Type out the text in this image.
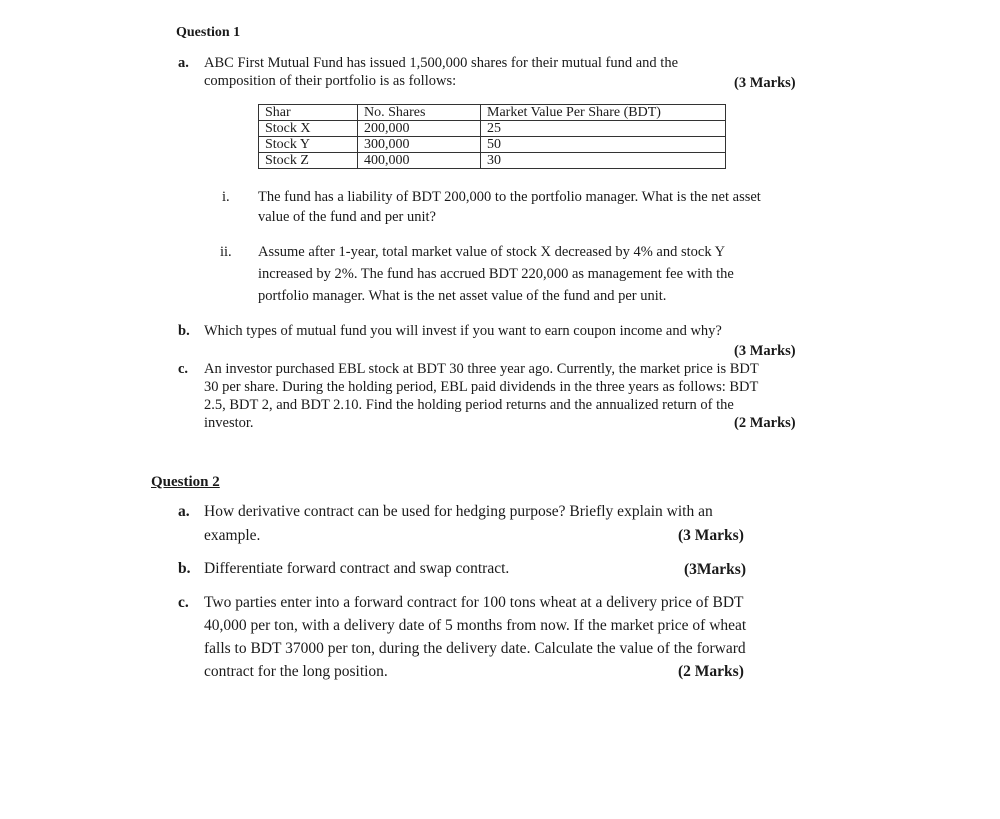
Question 1
a. ABC First Mutual Fund has issued 1,500,000 shares for their mutual fund and the
composition of their portfolio is as follows:	(3 Marks)
Shar	No. Shares	Market Value Per Share (BDT)
Stock X	200,000	25
Stock Y	300,000	50
Stock Z	400,000	30
i. The fund has a liability of BDT 200,000 to the portfolio manager. What is the net asset
value of the fund and per unit?
ii. Assume after 1-year, total market value of stock X decreased by 4% and stock Y
increased by 2%. The fund has accrued BDT 220,000 as management fee with the
portfolio manager. What is the net asset value of the fund and per unit.
b. Which types of mutual fund you will invest if you want to earn coupon income and why?
(3 Marks)
c. An investor purchased EBL stock at BDT 30 three year ago. Currently, the market price is BDT
30 per share. During the holding period, EBL paid dividends in the three years as follows: BDT
2.5, BDT 2, and BDT 2.10. Find the holding period returns and the annualized return of the
investor.	(2 Marks)
Question 2
a. How derivative contract can be used for hedging purpose? Briefly explain with an
example.	(3 Marks)
b. Differentiate forward contract and swap contract.	(3Marks)
c. Two parties enter into a forward contract for 100 tons wheat at a delivery price of BDT
40,000 per ton, with a delivery date of 5 months from now. If the market price of wheat
falls to BDT 37000 per ton, during the delivery date. Calculate the value of the forward
contract for the long position.	(2 Marks)
